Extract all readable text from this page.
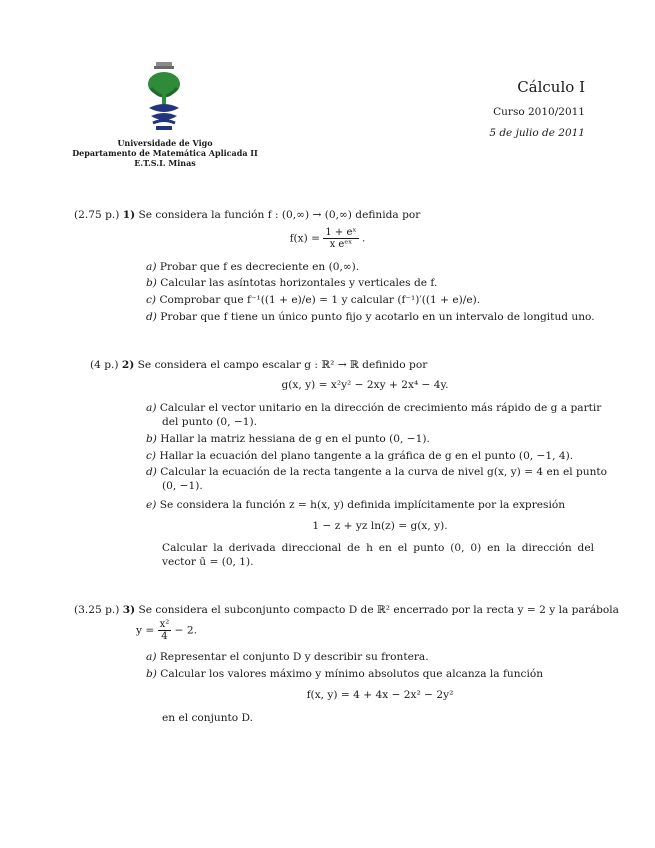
Universidade de Vigo
Departamento de Matemática Aplicada II
E.T.S.I. Minas
Cálculo I
Curso 2010/2011
5 de julio de 2011
(2.75 p.) 1) Se considera la función f : (0,∞) → (0,∞) definida por
$f(x) = \frac{\text{1 + eˣ}}{\text{x eᵉˣ}}$ .
a) Probar que f es decreciente en (0,∞).
b) Calcular las asíntotas horizontales y verticales de f.
c) Comprobar que f⁻¹((1 + e)/e) = 1 y calcular (f⁻¹)′((1 + e)/e).
d) Probar que f tiene un único punto fijo y acotarlo en un intervalo de longitud uno.
(4 p.) 2) Se considera el campo escalar g : ℝ² → ℝ definido por
g(x, y) = x²y² − 2xy + 2x⁴ − 4y.
a) Calcular el vector unitario en la dirección de crecimiento más rápido de g a partir del punto (0, −1).
b) Hallar la matriz hessiana de g en el punto (0, −1).
c) Hallar la ecuación del plano tangente a la gráfica de g en el punto (0, −1, 4).
d) Calcular la ecuación de la recta tangente a la curva de nivel g(x, y) = 4 en el punto (0, −1).
e) Se considera la función z = h(x, y) definida implícitamente por la expresión
1 − z + yz ln(z) = g(x, y).
Calcular la derivada direccional de h en el punto (0, 0) en la dirección del vector ū = (0, 1).
(3.25 p.) 3) Se considera el subconjunto compacto D de ℝ² encerrado por la recta y = 2 y la parábola
$y = \frac{\text{x²}}{4} - 2$.
a) Representar el conjunto D y describir su frontera.
b) Calcular los valores máximo y mínimo absolutos que alcanza la función
f(x, y) = 4 + 4x − 2x² − 2y²
en el conjunto D.
